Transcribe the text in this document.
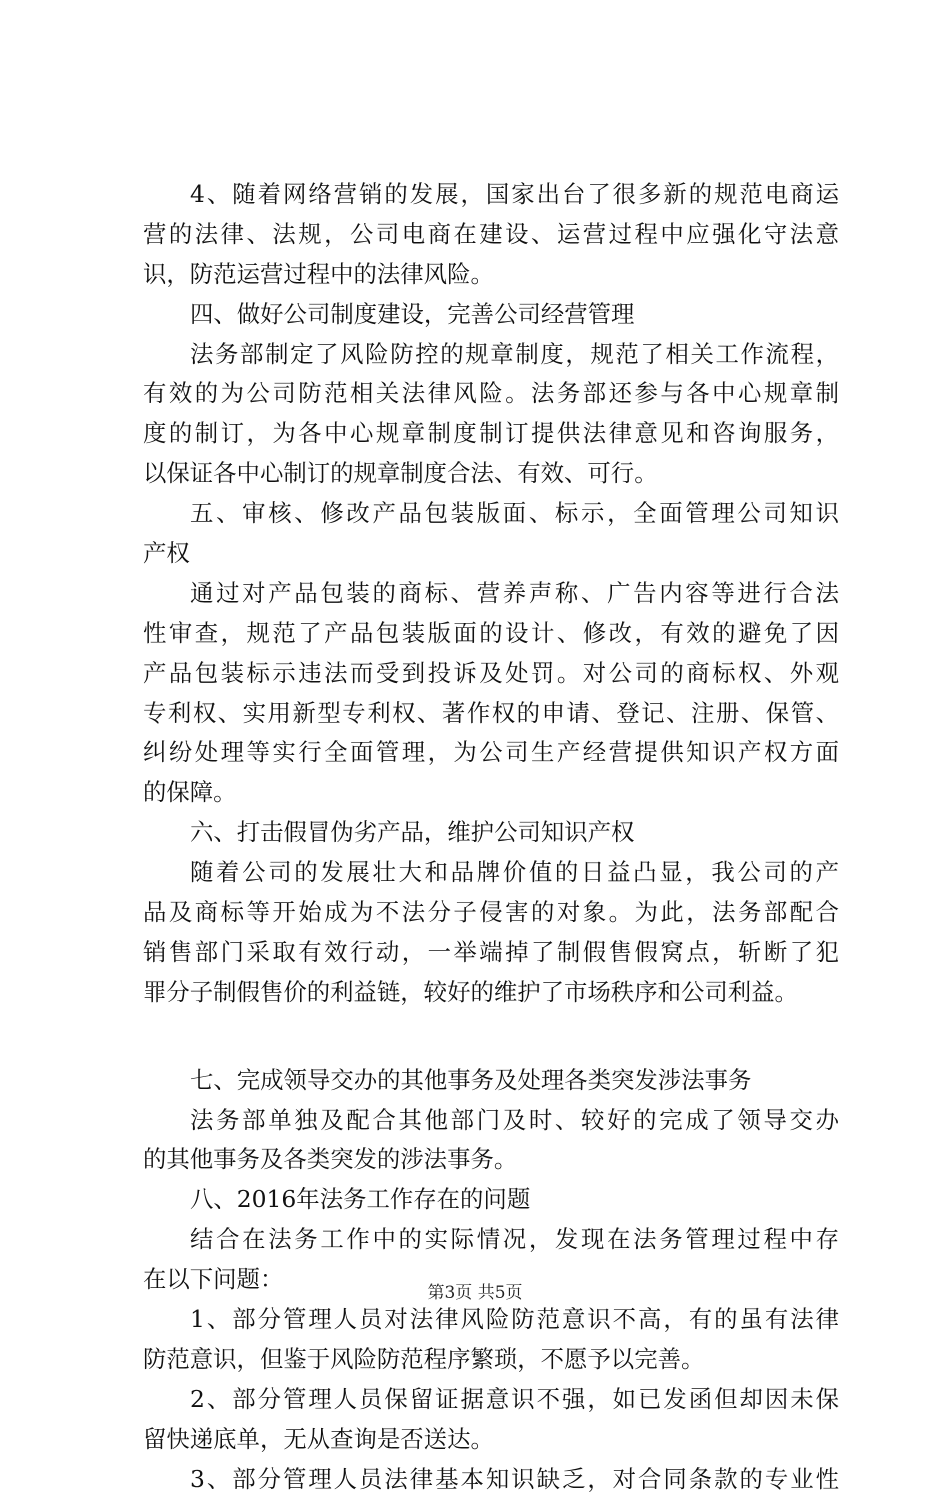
4、随着网络营销的发展，国家出台了很多新的规范电商运
营的法律、法规，公司电商在建设、运营过程中应强化守法意
识，防范运营过程中的法律风险。
四、做好公司制度建设，完善公司经营管理
法务部制定了风险防控的规章制度，规范了相关工作流程，
有效的为公司防范相关法律风险。法务部还参与各中心规章制
度的制订，为各中心规章制度制订提供法律意见和咨询服务，
以保证各中心制订的规章制度合法、有效、可行。
五、审核、修改产品包装版面、标示，全面管理公司知识
产权
通过对产品包装的商标、营养声称、广告内容等进行合法
性审查，规范了产品包装版面的设计、修改，有效的避免了因
产品包装标示违法而受到投诉及处罚。对公司的商标权、外观
专利权、实用新型专利权、著作权的申请、登记、注册、保管、
纠纷处理等实行全面管理，为公司生产经营提供知识产权方面
的保障。
六、打击假冒伪劣产品，维护公司知识产权
随着公司的发展壮大和品牌价值的日益凸显，我公司的产
品及商标等开始成为不法分子侵害的对象。为此，法务部配合
销售部门采取有效行动，一举端掉了制假售假窝点，斩断了犯
罪分子制假售价的利益链，较好的维护了市场秩序和公司利益。
七、完成领导交办的其他事务及处理各类突发涉法事务
法务部单独及配合其他部门及时、较好的完成了领导交办
的其他事务及各类突发的涉法事务。
八、2016年法务工作存在的问题
结合在法务工作中的实际情况，发现在法务管理过程中存
在以下问题：
1、部分管理人员对法律风险防范意识不高，有的虽有法律
防范意识，但鉴于风险防范程序繁琐，不愿予以完善。
2、部分管理人员保留证据意识不强，如已发函但却因未保
留快递底单，无从查询是否送达。
3、部分管理人员法律基本知识缺乏，对合同条款的专业性
第3页 共5页
